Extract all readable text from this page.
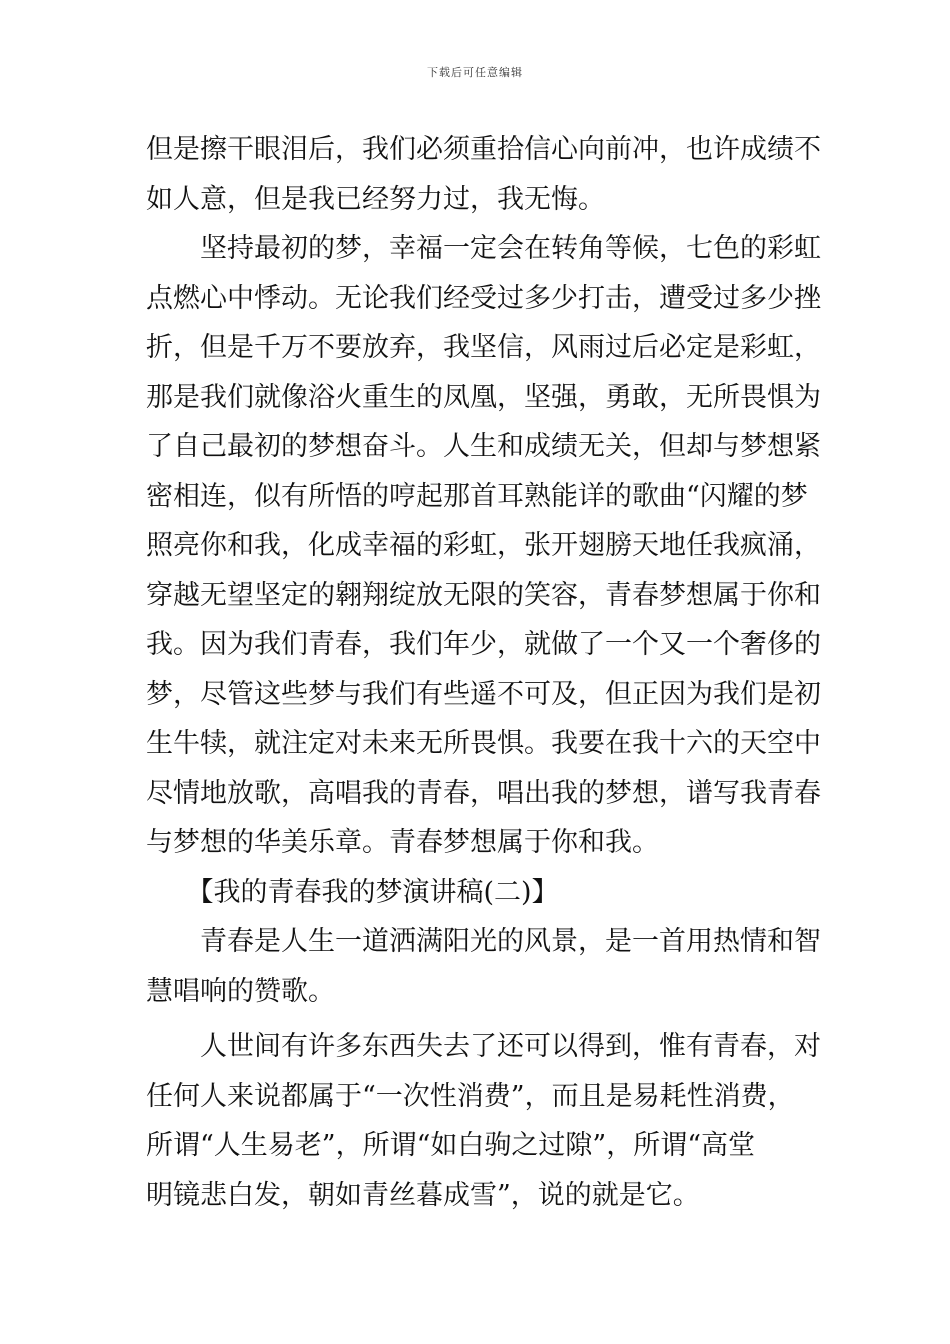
下载后可任意编辑
但是擦干眼泪后，我们必须重拾信心向前冲，也许成绩不
如人意，但是我已经努力过，我无悔。
　　坚持最初的梦，幸福一定会在转角等候，七色的彩虹
点燃心中悸动。无论我们经受过多少打击，遭受过多少挫
折，但是千万不要放弃，我坚信，风雨过后必定是彩虹，
那是我们就像浴火重生的凤凰，坚强，勇敢，无所畏惧为
了自己最初的梦想奋斗。人生和成绩无关，但却与梦想紧
密相连，似有所悟的哼起那首耳熟能详的歌曲“闪耀的梦
照亮你和我，化成幸福的彩虹，张开翅膀天地任我疯涌，
穿越无望坚定的翱翔绽放无限的笑容，青春梦想属于你和
我。因为我们青春，我们年少，就做了一个又一个奢侈的
梦，尽管这些梦与我们有些遥不可及，但正因为我们是初
生牛犊，就注定对未来无所畏惧。我要在我十六的天空中
尽情地放歌，高唱我的青春，唱出我的梦想，谱写我青春
与梦想的华美乐章。青春梦想属于你和我。
　　【我的青春我的梦演讲稿(二)】
　　青春是人生一道洒满阳光的风景，是一首用热情和智
慧唱响的赞歌。
　　人世间有许多东西失去了还可以得到，惟有青春，对
任何人来说都属于“一次性消费”，而且是易耗性消费，
所谓“人生易老”，所谓“如白驹之过隙”，所谓“高堂
明镜悲白发，朝如青丝暮成雪”，说的就是它。
